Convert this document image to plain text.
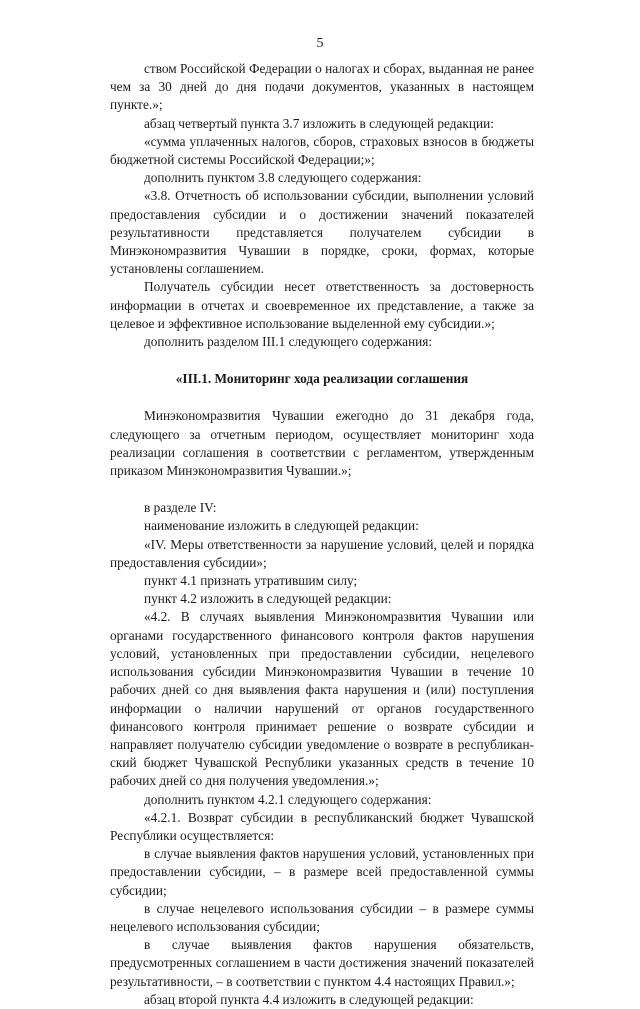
5

ством Российской Федерации о налогах и сборах, выданная не ранее чем за 30 дней до дня подачи документов, указанных в настоящем пункте.»;

абзац четвертый пункта 3.7 изложить в следующей редакции:

«сумма уплаченных налогов, сборов, страховых взносов в бюджеты бюджетной системы Российской Федерации;»;

дополнить пунктом 3.8 следующего содержания:

«3.8. Отчетность об использовании субсидии, выполнении условий предоставления субсидии и о достижении значений показателей результативности представляется получателем субсидии в Минэкономразвития Чувашии в порядке, сроки, формах, которые установлены соглашением.

Получатель субсидии несет ответственность за достоверность информации в отчетах и своевременное их представление, а также за целевое и эффективное использование выделенной ему субсидии.»;

дополнить разделом III.1 следующего содержания:

«III.1. Мониторинг хода реализации соглашения

Минэкономразвития Чувашии ежегодно до 31 декабря года, следующего за отчетным периодом, осуществляет мониторинг хода реализации соглашения в соответствии с регламентом, утвержденным приказом Минэкономразвития Чувашии.»;

в разделе IV:

наименование изложить в следующей редакции:

«IV. Меры ответственности за нарушение условий, целей и порядка предоставления субсидии»;

пункт 4.1 признать утратившим силу;

пункт 4.2 изложить в следующей редакции:

«4.2. В случаях выявления Минэкономразвития Чувашии или органами государственного финансового контроля фактов нарушения условий, установленных при предоставлении субсидии, нецелевого использования субсидии Минэкономразвития Чувашии в течение 10 рабочих дней со дня выявления факта нарушения и (или) поступления информации о наличии нарушений от органов государственного финансового контроля принимает решение о возврате субсидии и направляет получателю субсидии уведомление о возврате в республиканский бюджет Чувашской Республики указанных средств в течение 10 рабочих дней со дня получения уведомления.»;

дополнить пунктом 4.2.1 следующего содержания:

«4.2.1. Возврат субсидии в республиканский бюджет Чувашской Республики осуществляется:

в случае выявления фактов нарушения условий, установленных при предоставлении субсидии, – в размере всей предоставленной суммы субсидии;

в случае нецелевого использования субсидии – в размере суммы нецелевого использования субсидии;

в случае выявления фактов нарушения обязательств, предусмотренных соглашением в части достижения значений показателей результативности, – в соответствии с пунктом 4.4 настоящих Правил.»;

абзац второй пункта 4.4 изложить в следующей редакции:
